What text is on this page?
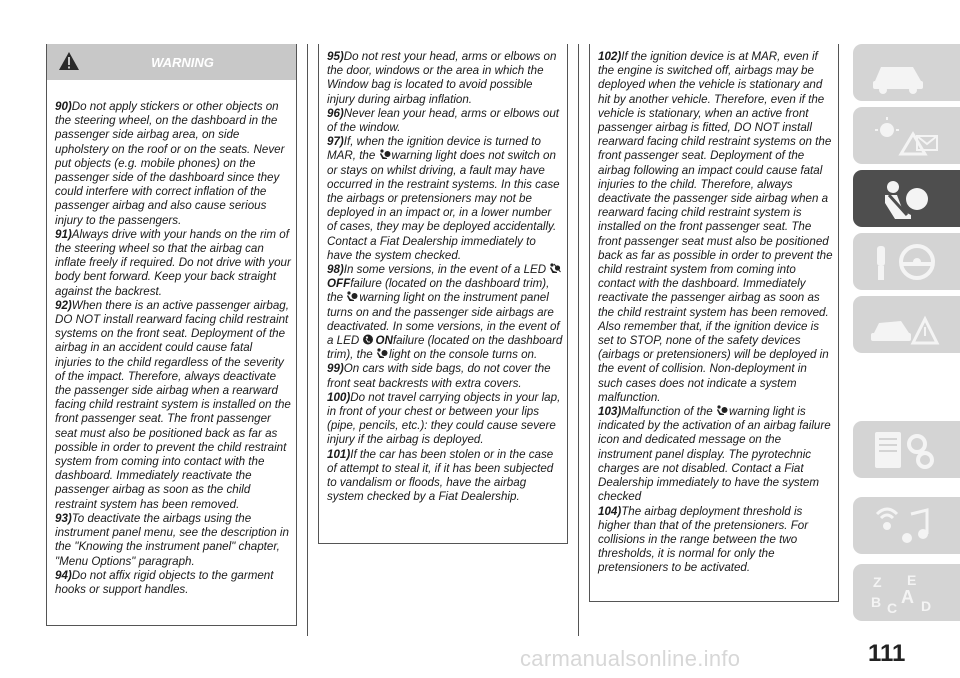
WARNING

90)Do not apply stickers or other objects on the steering wheel, on the dashboard in the passenger side airbag area, on side upholstery on the roof or on the seats. Never put objects (e.g. mobile phones) on the passenger side of the dashboard since they could interfere with correct inflation of the passenger airbag and also cause serious injury to the passengers.

91)Always drive with your hands on the rim of the steering wheel so that the airbag can inflate freely if required. Do not drive with your body bent forward. Keep your back straight against the backrest.

92)When there is an active passenger airbag, DO NOT install rearward facing child restraint systems on the front seat. Deployment of the airbag in an accident could cause fatal injuries to the child regardless of the severity of the impact. Therefore, always deactivate the passenger side airbag when a rearward facing child restraint system is installed on the front passenger seat. The front passenger seat must also be positioned back as far as possible in order to prevent the child restraint system from coming into contact with the dashboard. Immediately reactivate the passenger airbag as soon as the child restraint system has been removed.

93)To deactivate the airbags using the instrument panel menu, see the description in the "Knowing the instrument panel" chapter, "Menu Options" paragraph.

94)Do not affix rigid objects to the garment hooks or support handles.

95)Do not rest your head, arms or elbows on the door, windows or the area in which the Window bag is located to avoid possible injury during airbag inflation.

96)Never lean your head, arms or elbows out of the window.

97)If, when the ignition device is turned to MAR, the warning light does not switch on or stays on whilst driving, a fault may have occurred in the restraint systems. In this case the airbags or pretensioners may not be deployed in an impact or, in a lower number of cases, they may be deployed accidentally. Contact a Fiat Dealership immediately to have the system checked.

98)In some versions, in the event of a LED OFFfailure (located on the dashboard trim), the warning light on the instrument panel turns on and the passenger side airbags are deactivated. In some versions, in the event of a LED ONfailure (located on the dashboard trim), the light on the console turns on.

99)On cars with side bags, do not cover the front seat backrests with extra covers.

100)Do not travel carrying objects in your lap, in front of your chest or between your lips (pipe, pencils, etc.): they could cause severe injury if the airbag is deployed.

101)If the car has been stolen or in the case of attempt to steal it, if it has been subjected to vandalism or floods, have the airbag system checked by a Fiat Dealership.

102)If the ignition device is at MAR, even if the engine is switched off, airbags may be deployed when the vehicle is stationary and hit by another vehicle. Therefore, even if the vehicle is stationary, when an active front passenger airbag is fitted, DO NOT install rearward facing child restraint systems on the front passenger seat. Deployment of the airbag following an impact could cause fatal injuries to the child. Therefore, always deactivate the passenger side airbag when a rearward facing child restraint system is installed on the front passenger seat. The front passenger seat must also be positioned back as far as possible in order to prevent the child restraint system from coming into contact with the dashboard. Immediately reactivate the passenger airbag as soon as the child restraint system has been removed. Also remember that, if the ignition device is set to STOP, none of the safety devices (airbags or pretensioners) will be deployed in the event of collision. Non-deployment in such cases does not indicate a system malfunction.

103)Malfunction of the warning light is indicated by the activation of an airbag failure icon and dedicated message on the instrument panel display. The pyrotechnic charges are not disabled. Contact a Fiat Dealership immediately to have the system checked

104)The airbag deployment threshold is higher than that of the pretensioners. For collisions in the range between the two thresholds, it is normal for only the pretensioners to be activated.

Z E
B C
A D
111
carmanualsonline.info
